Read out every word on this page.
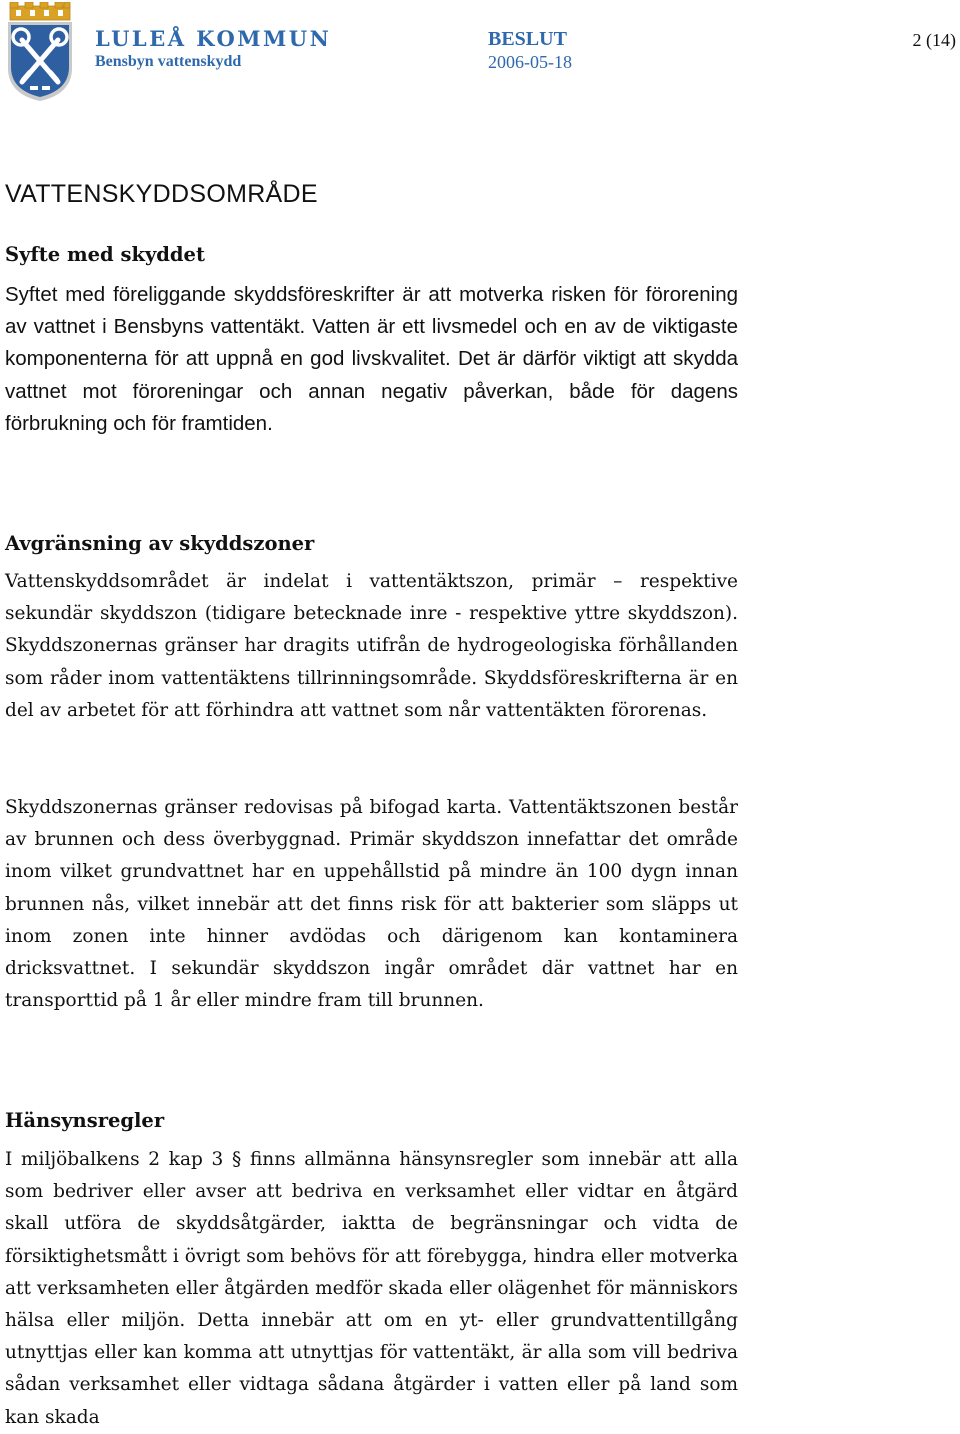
LULEÅ KOMMUN
Bensbyn vattenskydd
BESLUT
2006-05-18
2 (14)
VATTENSKYDDSOMRÅDE
Syfte med skyddet

Syftet med föreliggande skyddsföreskrifter är att motverka risken för förorening av vattnet i Bensbyns vattentäkt. Vatten är ett livsmedel och en av de viktigaste komponenterna för att uppnå en god livskvalitet. Det är därför viktigt att skydda vattnet mot föroreningar och annan negativ påverkan, både för dagens förbrukning och för framtiden.

Avgränsning av skyddszoner

Vattenskyddsområdet är indelat i vattentäktszon, primär – respektive sekundär skyddszon (tidigare betecknade inre - respektive yttre skyddszon). Skyddszonernas gränser har dragits utifrån de hydrogeologiska förhållanden som råder inom vattentäktens tillrinningsområde. Skyddsföreskrifterna är en del av arbetet för att förhindra att vattnet som når vattentäkten förorenas.

Skyddszonernas gränser redovisas på bifogad karta. Vattentäktszonen består av brunnen och dess överbyggnad. Primär skyddszon innefattar det område inom vilket grundvattnet har en uppehållstid på mindre än 100 dygn innan brunnen nås, vilket innebär att det finns risk för att bakterier som släpps ut inom zonen inte hinner avdödas och därigenom kan kontaminera dricksvattnet. I sekundär skyddszon ingår området där vattnet har en transporttid på 1 år eller mindre fram till brunnen.

Hänsynsregler

I miljöbalkens 2 kap 3 § finns allmänna hänsynsregler som innebär att alla som bedriver eller avser att bedriva en verksamhet eller vidtar en åtgärd skall utföra de skyddsåtgärder, iaktta de begränsningar och vidta de försiktighetsmått i övrigt som behövs för att förebygga, hindra eller motverka att verksamheten eller åtgärden medför skada eller olägenhet för människors hälsa eller miljön. Detta innebär att om en yt- eller grundvattentillgång utnyttjas eller kan komma att utnyttjas för vattentäkt, är alla som vill bedriva sådan verksamhet eller vidtaga sådana åtgärder i vatten eller på land som kan skada
